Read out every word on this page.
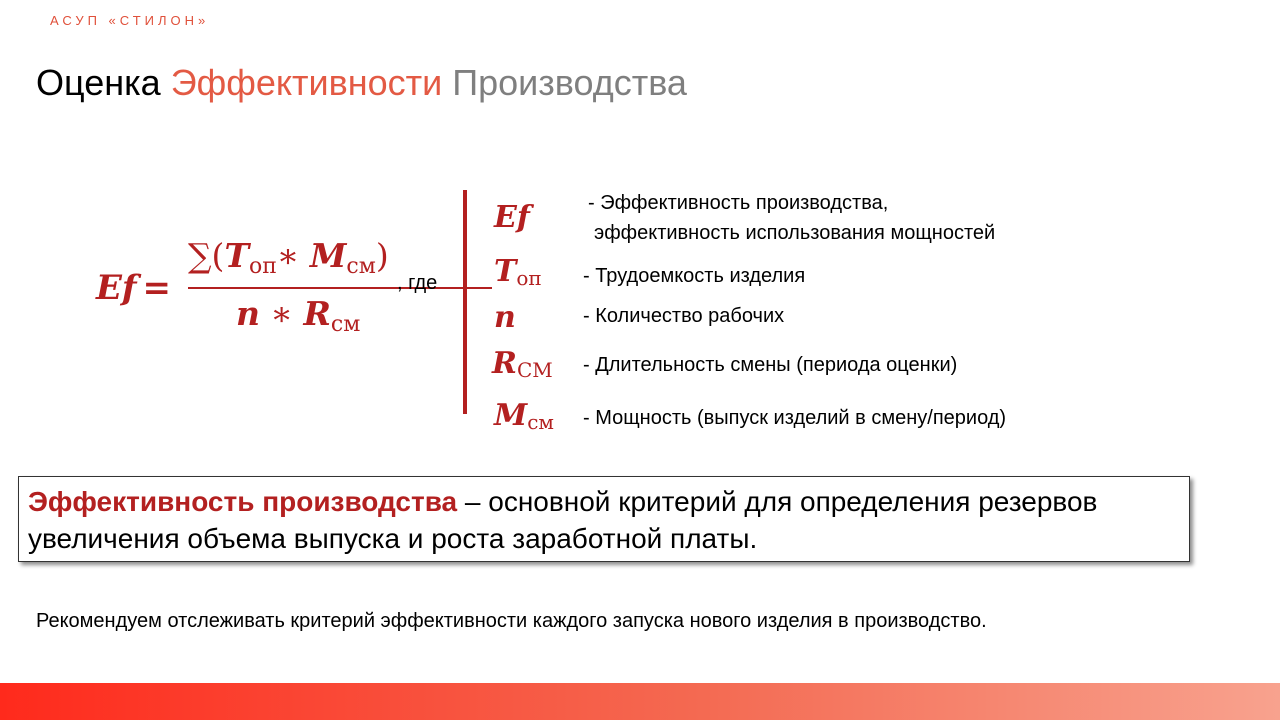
АСУП «СТИЛОН»
Оценка Эффективности Производства
Ef =
∑(Tоп∗ Mсм)
n ∗ Rсм
, где
Ef	- Эффективность производства,
эффективность использования мощностей
Tоп - Трудоемкость изделия
n	- Количество рабочих
RСМ - Длительность смены (периода оценки)
Mсм - Мощность (выпуск изделий в смену/период)
Эффективность производства – основной критерий для определения резервов увеличения объема выпуска и роста заработной платы.
Рекомендуем отслеживать критерий эффективности каждого запуска нового изделия в производство.
